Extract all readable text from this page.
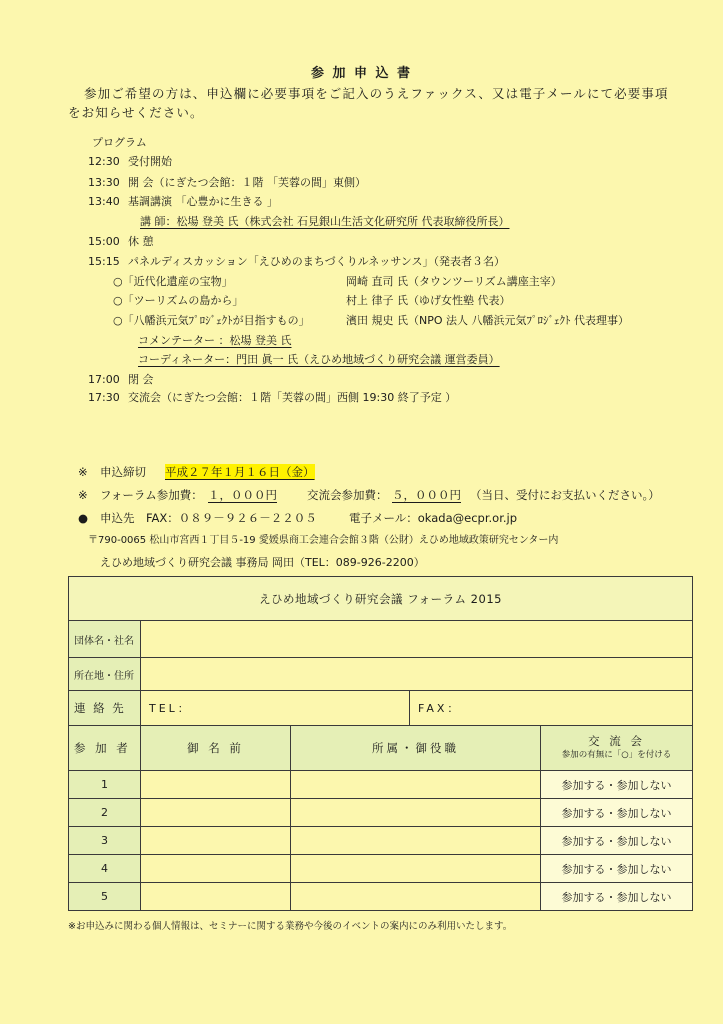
参 加 申 込 書
参加ご希望の方は、申込欄に必要事項をご記入のうえファックス、又は電子メールにて必要事項
をお知らせください。
プログラム
12:30 受付開始
13:30 開 会（にぎたつ会館：１階 「芙蓉の間」東側）
13:40 基調講演 「心豊かに生きる 」
講 師：松場 登美 氏（株式会社 石見銀山生活文化研究所 代表取締役所長）
15:00 休 憩
15:15 パネルディスカッション「えひめのまちづくりルネッサンス」（発表者３名）
○「近代化遺産の宝物」	岡崎 直司 氏（タウンツーリズム講座主宰）
○「ツーリズムの島から」	村上 律子 氏（ゆげ女性塾 代表）
○「八幡浜元気ﾌﾟﾛｼﾞｪｸﾄが目指すもの」	濱田 規史 氏（NPO 法人 八幡浜元気ﾌﾟﾛｼﾞｪｸﾄ 代表理事）
コメンテーター ：松場 登美 氏
コーディネーター：門田 眞一 氏（えひめ地域づくり研究会議 運営委員）
17:00 閉 会
17:30 交流会（にぎたつ会館：１階「芙蓉の間」西側 19:30 終了予定 ）
※ 申込締切 平成２７年１月１６日（金）
※ フォーラム参加費： １，０００円	交流会参加費： ５，０００円 （当日、受付にお支払いください。）
● 申込先 FAX：０８９－９２６－２２０５	電子メール：okada@ecpr.or.jp
〒790-0065 松山市宮西１丁目５-19 愛媛県商工会連合会館３階（公財）えひめ地域政策研究センター内
えひめ地域づくり研究会議 事務局 岡田（TEL：089-926-2200）
えひめ地域づくり研究会議 フォーラム 2015			
団体名・社名			
所在地・住所			
連 絡 先	TEL： FAX：		

参 加 者	御 名 前	所属・御役職	交 流 会
参加の有無に「○」を付ける

1			参加する・参加しない
2			参加する・参加しない
3			参加する・参加しない
4			参加する・参加しない
5			参加する・参加しない
※お申込みに関わる個人情報は、セミナーに関する業務や今後のイベントの案内にのみ利用いたします。
